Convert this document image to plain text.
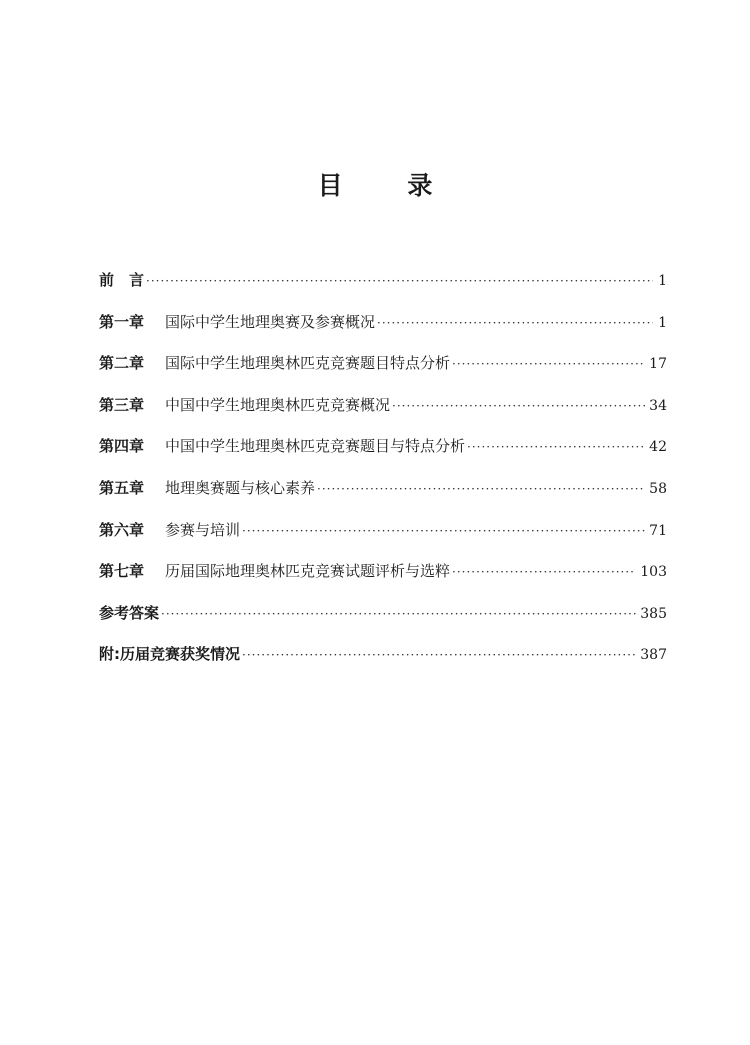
目 录
前　言 ·····	1
第一章	国际中学生地理奥赛及参赛概况 ·····	1
第二章	国际中学生地理奥林匹克竞赛题目特点分析 ·····	17
第三章	中国中学生地理奥林匹克竞赛概况 ·····	34
第四章	中国中学生地理奥林匹克竞赛题目与特点分析 ·····	42
第五章	地理奥赛题与核心素养 ·····	58
第六章	参赛与培训 ·····	71
第七章	历届国际地理奥林匹克竞赛试题评析与选粹 ·····	103
参考答案 ·····	385
附:历届竞赛获奖情况 ·····	387
